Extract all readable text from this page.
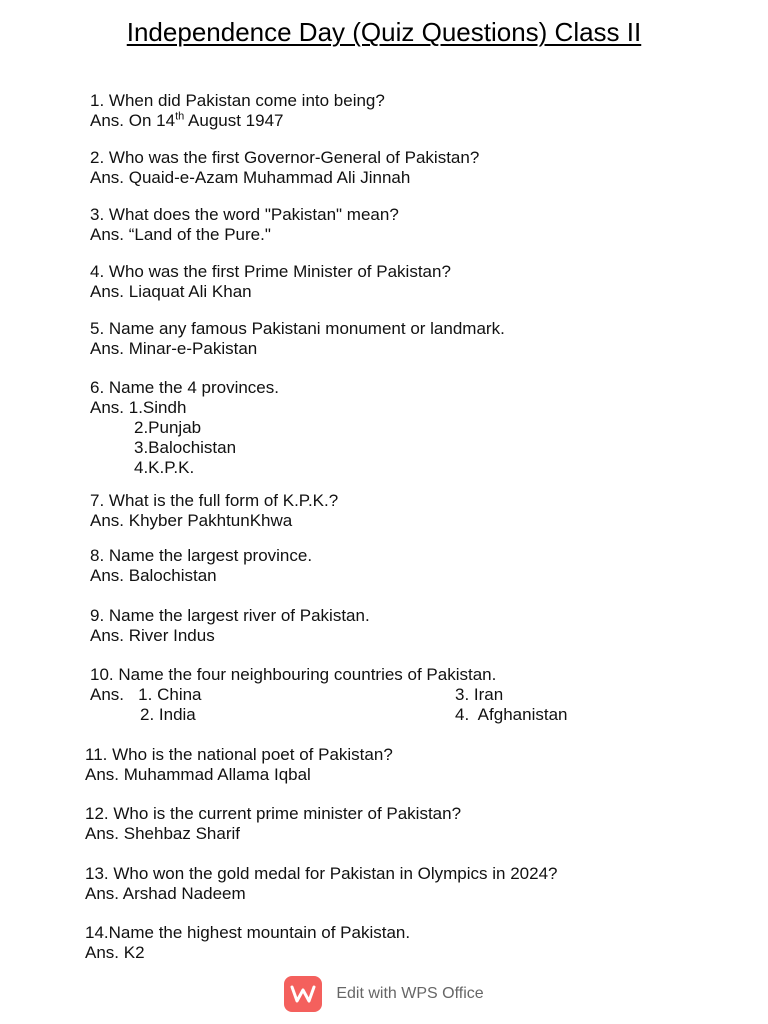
Independence Day (Quiz Questions) Class II
1. When did Pakistan come into being?
Ans. On 14th August 1947
2. Who was the first Governor-General of Pakistan?
Ans. Quaid-e-Azam Muhammad Ali Jinnah
3. What does the word "Pakistan" mean?
Ans. “Land of the Pure."
4. Who was the first Prime Minister of Pakistan?
Ans. Liaquat Ali Khan
5. Name any famous Pakistani monument or landmark.
Ans. Minar-e-Pakistan
6. Name the 4 provinces.
Ans. 1.Sindh
2.Punjab
3.Balochistan
4.K.P.K.
7. What is the full form of K.P.K.?
Ans. Khyber PakhtunKhwa
8. Name the largest province.
Ans. Balochistan
9. Name the largest river of Pakistan.
Ans. River Indus
10. Name the four neighbouring countries of Pakistan.
Ans.   1. China	3. Iran
2. India	4.  Afghanistan
11. Who is the national poet of Pakistan?
Ans. Muhammad Allama Iqbal
12. Who is the current prime minister of Pakistan?
Ans. Shehbaz Sharif
13. Who won the gold medal for Pakistan in Olympics in 2024?
Ans. Arshad Nadeem
14.Name the highest mountain of Pakistan.
Ans. K2
Edit with WPS Office
